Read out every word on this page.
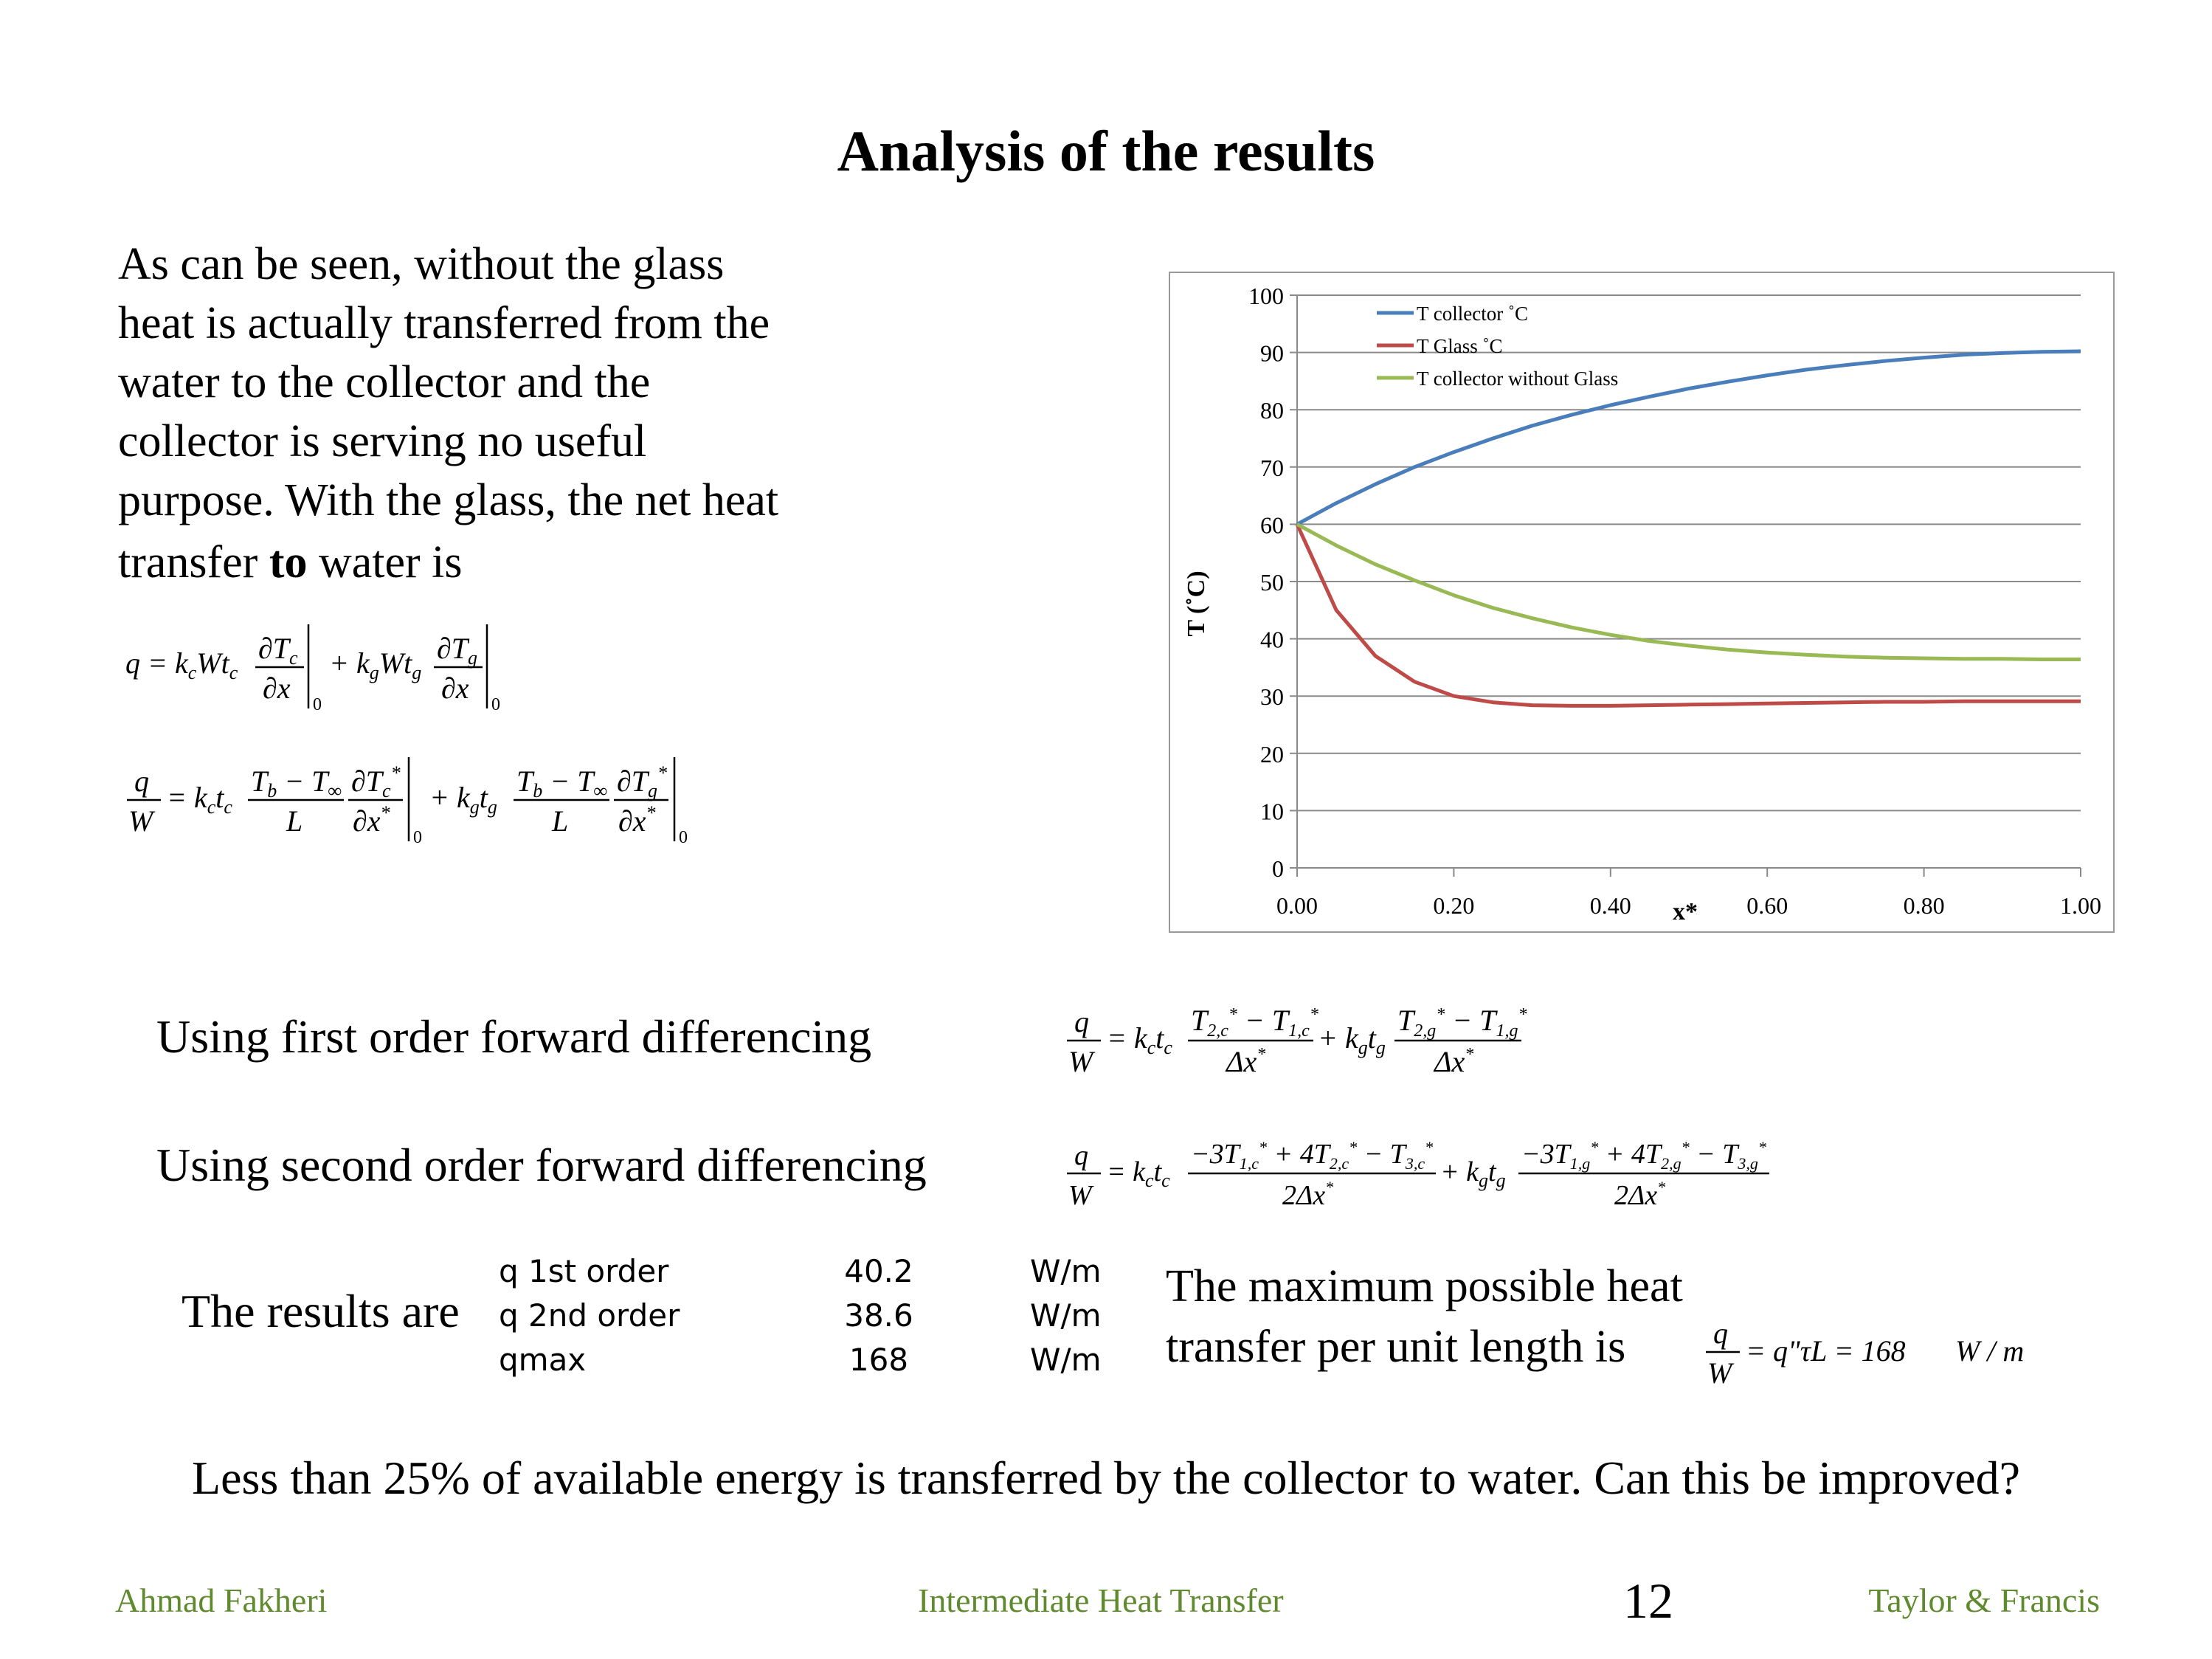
Analysis of the results
As can be seen, without the glass
heat is actually transferred from the
water to the collector and the
collector is serving no useful
purpose. With the glass, the net heat
transfer to water is
$q = k_cWt_c$
$\partial T_c$
∂x 0
+ $k_gWt_g$
$\partial T_g$
∂x 0
q
W
= $k_ct_c$
$T_b - T_\infty$
L
$\partial T_c^*$
∂x*
0
+ $k_gt_g$
$T_b - T_\infty$
L
$\partial T_g^*$
∂x*
0
0
10
20
30
40
50
60
70
80
90
100
0.00	0.20	0.40	0.60	0.80	1.00
T collector ˚C
T Glass ˚C
T collector without Glass
T (˚C)
x*
Using first order forward differencing
Using second order forward differencing
q
W
= $k_ct_c$
$T_{2,c}^* - T_{1,c}^*$
$\Delta x^* + k_gt_g$
$T_{2,g}^* - T_{1,g}^*$
Δx*
q
W
= $k_ct_c$
$-3T_{1,c}^* + 4T_{2,c}^* - T_{3,c}^*$
2Δx*	+ $k_gt_g$
$-3T_{1,g}^* + 4T_{2,g}^* - T_{3,g}^*$
2Δx*
The results are
q 1st order	40.2	W/m
q 2nd order	38.6	W/m
qmax	168	W/m
The maximum possible heat
transfer per unit length is	q
W
= q"τL = 168 W / m
Less than 25% of available energy is transferred by the collector to water. Can this be improved?
Ahmad Fakheri	Intermediate Heat Transfer	12	Taylor & Francis
